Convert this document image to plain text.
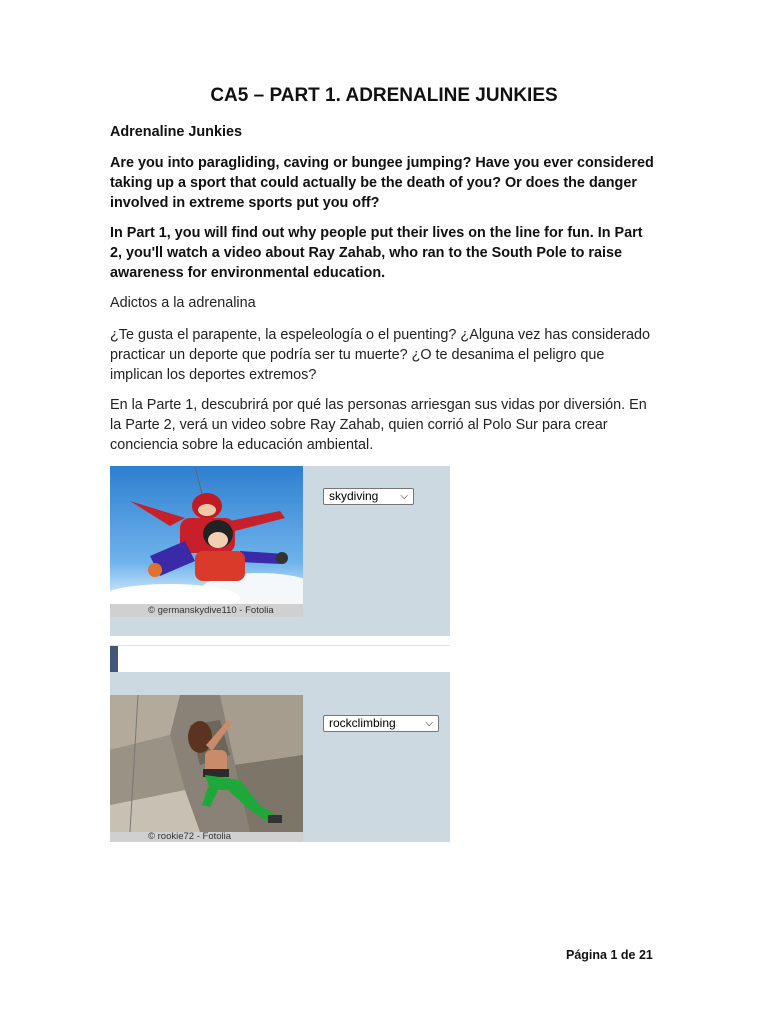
CA5 – PART 1. ADRENALINE JUNKIES
Adrenaline Junkies
Are you into paragliding, caving or bungee jumping? Have you ever considered taking up a sport that could actually be the death of you? Or does the danger involved in extreme sports put you off?
In Part 1, you will find out why people put their lives on the line for fun. In Part 2, you'll watch a video about Ray Zahab, who ran to the South Pole to raise awareness for environmental education.
Adictos a la adrenalina
¿Te gusta el parapente, la espeleología o el puenting? ¿Alguna vez has considerado practicar un deporte que podría ser tu muerte? ¿O te desanima el peligro que implican los deportes extremos?
En la Parte 1, descubrirá por qué las personas arriesgan sus vidas por diversión. En la Parte 2, verá un video sobre Ray Zahab, quien corrió al Polo Sur para crear conciencia sobre la educación ambiental.
© germanskydive110 - Fotolia
skydiving ⌵
© rookie72 - Fotolia
rockclimbing	⌵
Página 1 de 21
